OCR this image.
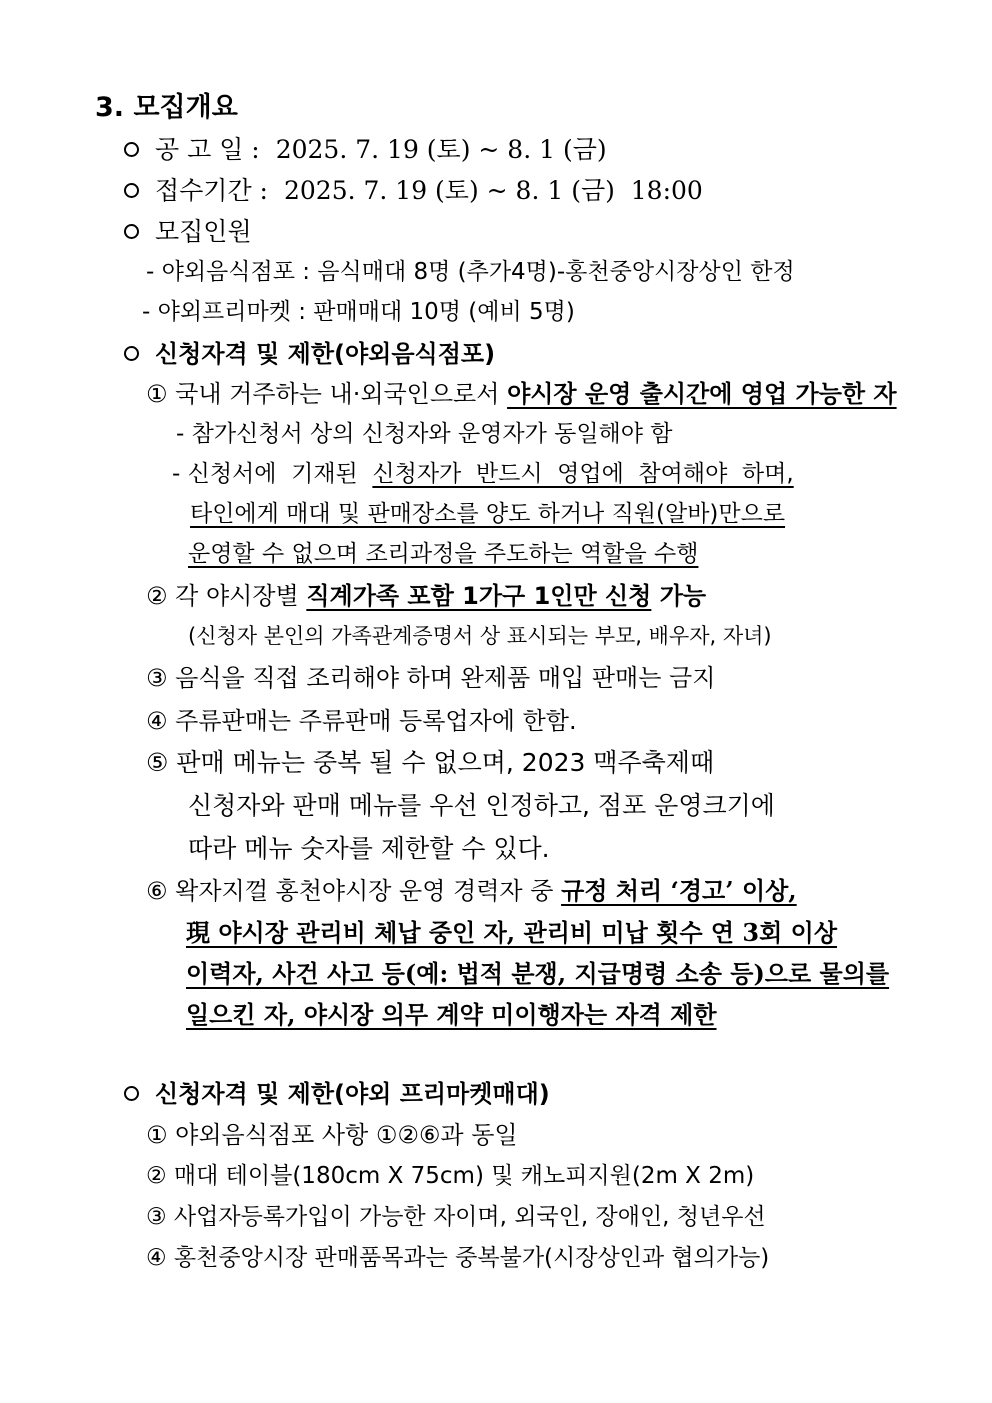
3. 모집개요
공 고 일 : 2025. 7. 19 (토) ~ 8. 1 (금)
접수기간 : 2025. 7. 19 (토) ~ 8. 1 (금)  18:00
모집인원
- 야외음식점포 : 음식매대 8명 (추가4명)-홍천중앙시장상인 한정
- 야외프리마켓 : 판매매대 10명 (예비 5명)
신청자격 및 제한(야외음식점포)
① 국내 거주하는 내·외국인으로서 야시장 운영 출시간에 영업 가능한 자
- 참가신청서 상의 신청자와 운영자가 동일해야 함
- 신청서에  기재된  신청자가  반드시  영업에  참여해야  하며,
타인에게 매대 및 판매장소를 양도 하거나 직원(알바)만으로
운영할 수 없으며 조리과정을 주도하는 역할을 수행
② 각 야시장별 직계가족 포함 1가구 1인만 신청 가능
(신청자 본인의 가족관계증명서 상 표시되는 부모, 배우자, 자녀)
③ 음식을 직접 조리해야 하며 완제품 매입 판매는 금지
④ 주류판매는 주류판매 등록업자에 한함.
⑤ 판매 메뉴는 중복 될 수 없으며, 2023 맥주축제때
신청자와 판매 메뉴를 우선 인정하고, 점포 운영크기에
따라 메뉴 숫자를 제한할 수 있다.
⑥ 왁자지껄 홍천야시장 운영 경력자 중 규정 처리 ‘경고’ 이상,
現 야시장 관리비 체납 중인 자, 관리비 미납 횟수 연 3회 이상
이력자, 사건 사고 등(예: 법적 분쟁, 지급명령 소송 등)으로 물의를
일으킨 자, 야시장 의무 계약 미이행자는 자격 제한
신청자격 및 제한(야외 프리마켓매대)
① 야외음식점포 사항 ①②⑥과 동일
② 매대 테이블(180cm X 75cm) 및 캐노피지원(2m X 2m)
③ 사업자등록가입이 가능한 자이며, 외국인, 장애인, 청년우선
④ 홍천중앙시장 판매품목과는 중복불가(시장상인과 협의가능)
